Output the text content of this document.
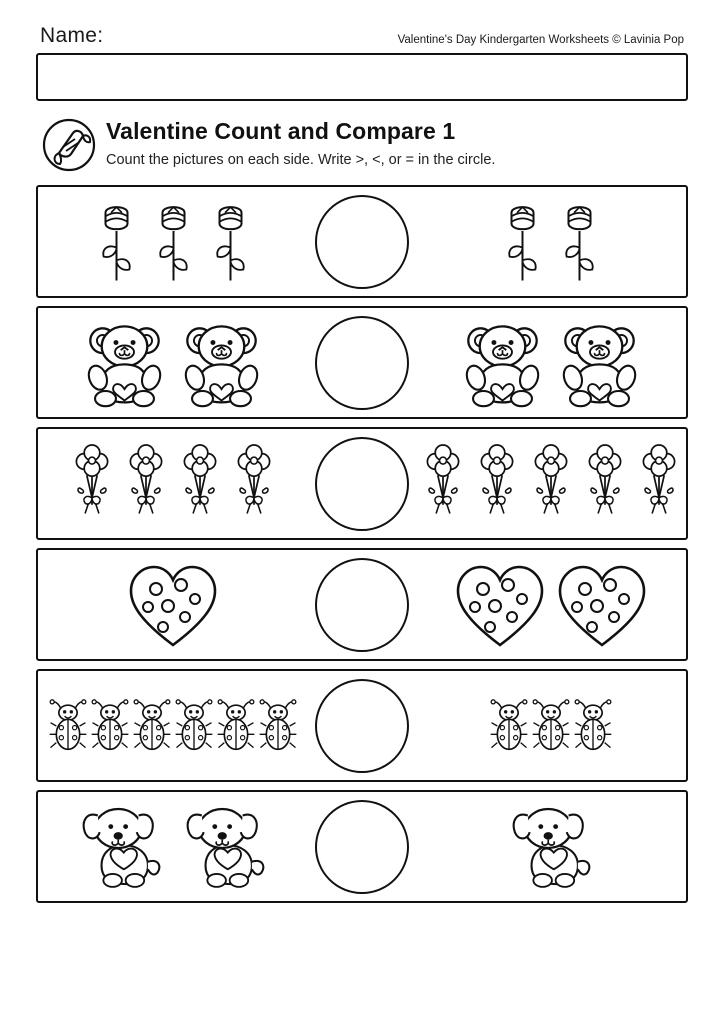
Name:	Valentine's Day Kindergarten Worksheets © Lavinia Pop
Valentine Count and Compare 1
Count the pictures on each side. Write >, <, or = in the circle.
